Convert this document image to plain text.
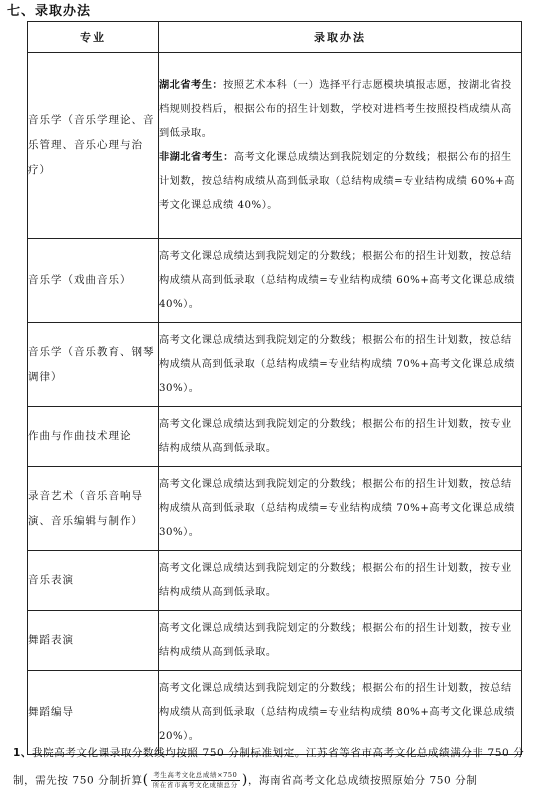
七、录取办法
专业	录取办法
音乐学（音乐学理论、音乐管理、音乐心理与治疗）	湖北省考生：按照艺术本科（一）选择平行志愿模块填报志愿，按湖北省投档规则投档后，根据公布的招生计划数，学校对进档考生按照投档成绩从高到低录取。
非湖北省考生：高考文化课总成绩达到我院划定的分数线；根据公布的招生计划数，按总结构成绩从高到低录取（总结构成绩=专业结构成绩 60%+高考文化课总成绩 40%）。
音乐学（戏曲音乐）	高考文化课总成绩达到我院划定的分数线；根据公布的招生计划数，按总结构成绩从高到低录取（总结构成绩=专业结构成绩 60%+高考文化课总成绩 40%）。
音乐学（音乐教育、钢琴调律）	高考文化课总成绩达到我院划定的分数线；根据公布的招生计划数，按总结构成绩从高到低录取（总结构成绩=专业结构成绩 70%+高考文化课总成绩 30%）。
作曲与作曲技术理论	高考文化课总成绩达到我院划定的分数线；根据公布的招生计划数，按专业结构成绩从高到低录取。
录音艺术（音乐音响导演、音乐编辑与制作）	高考文化课总成绩达到我院划定的分数线；根据公布的招生计划数，按总结构成绩从高到低录取（总结构成绩=专业结构成绩 70%+高考文化课总成绩 30%）。
音乐表演	高考文化课总成绩达到我院划定的分数线；根据公布的招生计划数，按专业结构成绩从高到低录取。
舞蹈表演	高考文化课总成绩达到我院划定的分数线；根据公布的招生计划数，按专业结构成绩从高到低录取。
舞蹈编导	高考文化课总成绩达到我院划定的分数线；根据公布的招生计划数，按总结构成绩从高到低录取（总结构成绩=专业结构成绩 80%+高考文化课总成绩 20%）。
1、我院高考文化课录取分数线均按照 750 分制标准划定。江苏省等省市高考文化总成绩满分非 750 分制，需先按 750 分制折算( $\frac{\text{考生高考文化总成绩×750}}{\text{所在省市高考文化成绩总分}}$ )，海南省高考文化总成绩按照原始分 750 分制
